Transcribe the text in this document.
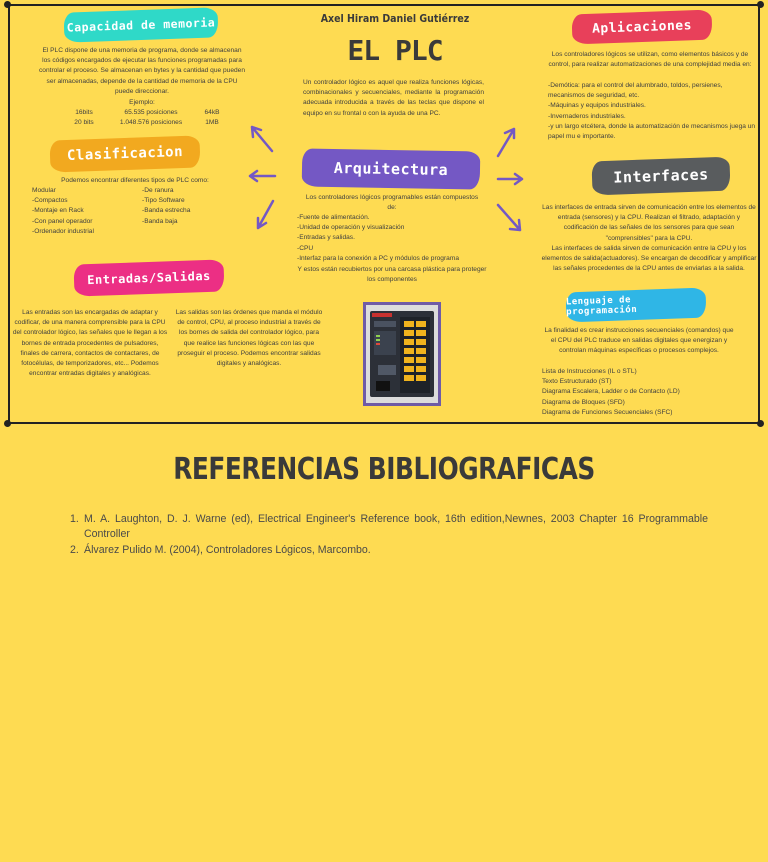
Axel Hiram Daniel Gutiérrez
EL PLC
Un controlador lógico es aquel que realiza funciones lógicas, combinacionales y secuenciales, mediante la programación adecuada introducida a través de las teclas que dispone el equipo en su frontal o con la ayuda de una PC.
Capacidad de memoria
El PLC dispone de una memoria de programa, donde se almacenan los códigos encargados de ejecutar las funciones programadas para controlar el proceso. Se almacenan en bytes y la cantidad que pueden ser almacenadas, depende de la cantidad de memoria de la CPU puede direccionar.
Ejemplo:
16bits	65.535 posiciones	64kB
20 bits	1.048.576 posiciones	1MB
Clasificacion
Podemos encontrar diferentes tipos de PLC como:
Modular
-Compactos
-Montaje en Rack
-Con panel operador
-Ordenador industrial
-De ranura
-Tipo Software
-Banda estrecha
-Banda baja
Entradas/Salidas
Las entradas son las encargadas de adaptar y codificar, de una manera comprensible para la CPU del controlador lógico, las señales que le llegan a los bornes de entrada procedentes de pulsadores, finales de carrera, contactos de contactares, de fotocélulas, de temporizadores, etc... Podemos encontrar entradas digitales y analógicas.
Las salidas son las órdenes que manda el módulo de control, CPU, al proceso industrial a través de los bornes de salida del controlador lógico, para que realice las funciones lógicas con las que proseguir el proceso. Podemos encontrar salidas digitales y analógicas.
Arquitectura
Los controladores lógicos programables están compuestos de:
-Fuente de alimentación.
-Unidad de operación y visualización
-Entradas y salidas.
-CPU
-Interfaz para la conexión a PC y módulos de programa
Y estos están recubiertos por una carcasa plástica para proteger los componentes
Aplicaciones
Los controladores lógicos se utilizan, como elementos básicos y de control, para realizar automatizaciones de una complejidad media en:
-Demótica: para el control del alumbrado, toldos, persienes, mecanismos de seguridad, etc.
-Máquinas y equipos industriales.
-Invernaderos industriales.
-y un largo etcétera, donde la automatización de mecanismos juega un papel mu e importante.
Interfaces
Las interfaces de entrada sirven de comunicación entre los elementos de entrada (sensores) y la CPU. Realizan el filtrado, adaptación y codificación de las señales de los sensores para que sean "comprensibles" para la CPU.
Las interfaces de salida sirven de comunicación entre la CPU y los elementos de salida(actuadores). Se encargan de decodificar y amplificar las señales procedentes de la CPU antes de enviarlas a la salida.
Lenguaje de programación
La finalidad es crear instrucciones secuenciales (comandos) que el CPU del PLC traduce en salidas digitales que energizan y controlan máquinas específicas o procesos complejos.
Lista de Instrucciones (IL o STL)
Texto Estructurado (ST)
Diagrama Escalera, Ladder o de Contacto (LD)
Diagrama de Bloques (SFD)
Diagrama de Funciones Secuenciales (SFC)
REFERENCIAS BIBLIOGRAFICAS
1. M. A. Laughton, D. J. Warne (ed), Electrical Engineer's Reference book, 16th edition,Newnes, 2003 Chapter 16 Programmable Controller
2. Álvarez Pulido M. (2004), Controladores Lógicos, Marcombo.
